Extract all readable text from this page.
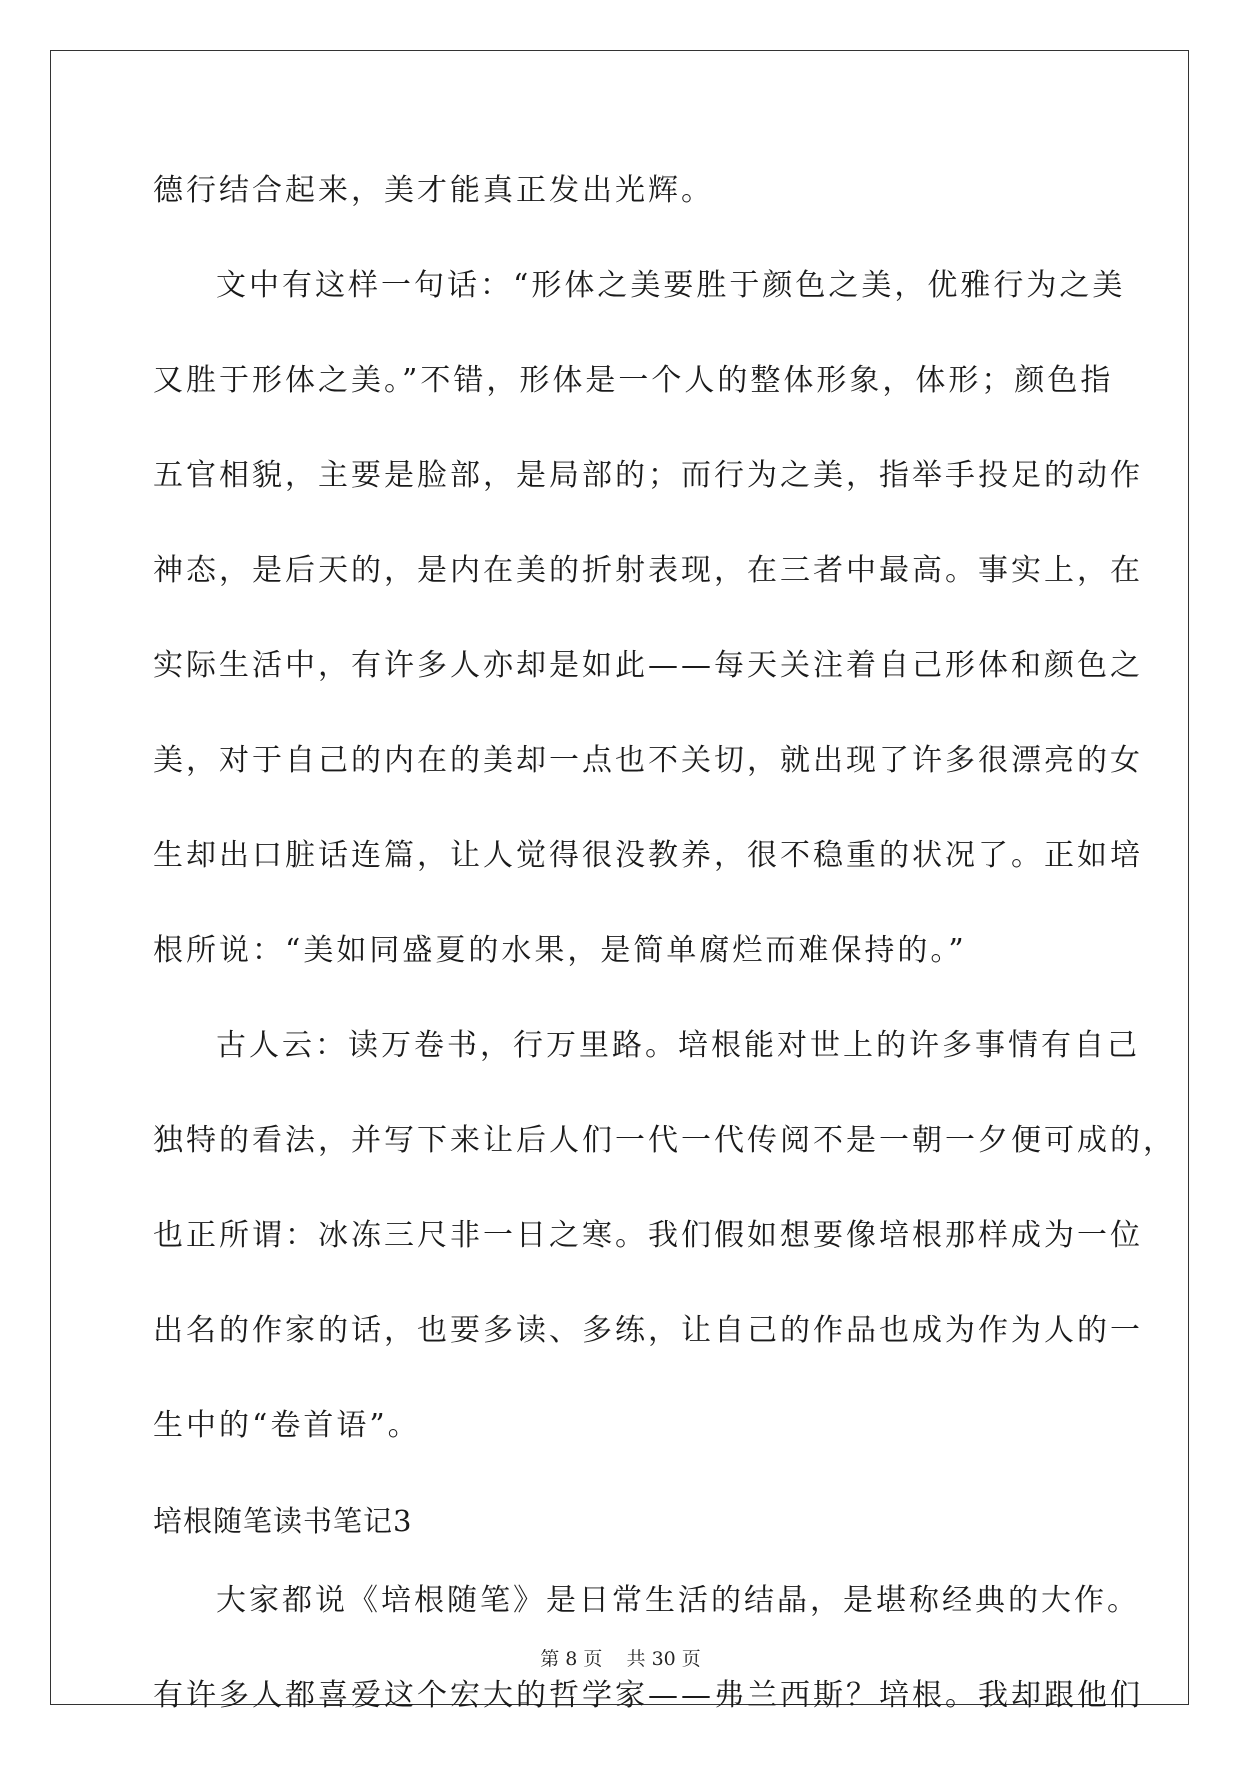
德行结合起来，美才能真正发出光辉。
文中有这样一句话：“形体之美要胜于颜色之美，优雅行为之美
又胜于形体之美。”不错，形体是一个人的整体形象，体形；颜色指
五官相貌，主要是脸部，是局部的；而行为之美，指举手投足的动作
神态，是后天的，是内在美的折射表现，在三者中最高。事实上，在
实际生活中，有许多人亦却是如此——每天关注着自己形体和颜色之
美，对于自己的内在的美却一点也不关切，就出现了许多很漂亮的女
生却出口脏话连篇，让人觉得很没教养，很不稳重的状况了。正如培
根所说：“美如同盛夏的水果，是简单腐烂而难保持的。”
古人云：读万卷书，行万里路。培根能对世上的许多事情有自己
独特的看法，并写下来让后人们一代一代传阅不是一朝一夕便可成的，
也正所谓：冰冻三尺非一日之寒。我们假如想要像培根那样成为一位
出名的作家的话，也要多读、多练，让自己的作品也成为作为人的一
生中的“卷首语”。
培根随笔读书笔记3
大家都说《培根随笔》是日常生活的结晶，是堪称经典的大作。
有许多人都喜爱这个宏大的哲学家——弗兰西斯？培根。我却跟他们
第 8 页    共 30 页
